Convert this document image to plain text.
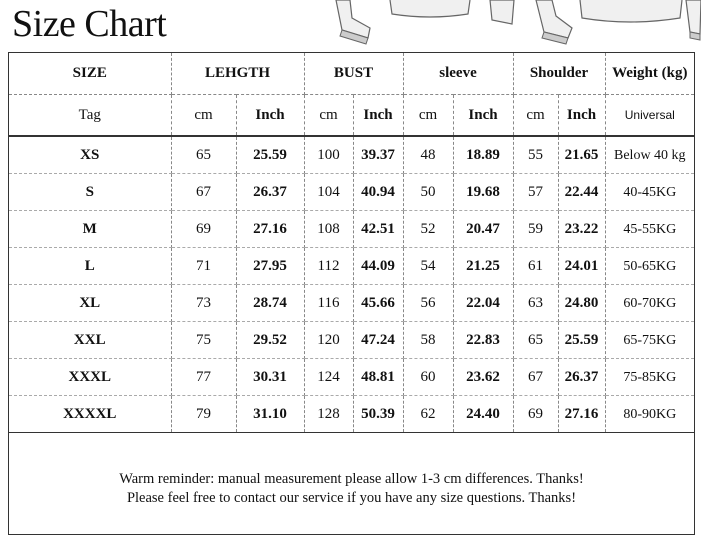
Size Chart
SIZE	LEHGTH		BUST		sleeve		Shoulder		Weight (kg)
Tag	cm	Inch	cm	Inch	cm	Inch	cm	Inch	Universal
XS	65	25.59	100	39.37	48	18.89	55	21.65	Below 40 kg
S	67	26.37	104	40.94	50	19.68	57	22.44	40-45KG
M	69	27.16	108	42.51	52	20.47	59	23.22	45-55KG
L	71	27.95	112	44.09	54	21.25	61	24.01	50-65KG
XL	73	28.74	116	45.66	56	22.04	63	24.80	60-70KG
XXL	75	29.52	120	47.24	58	22.83	65	25.59	65-75KG
XXXL	77	30.31	124	48.81	60	23.62	67	26.37	75-85KG
XXXXL	79	31.10	128	50.39	62	24.40	69	27.16	80-90KG
Warm reminder: manual measurement please allow 1-3 cm differences. Thanks!
Please feel free to contact our service if you have any size questions. Thanks!
